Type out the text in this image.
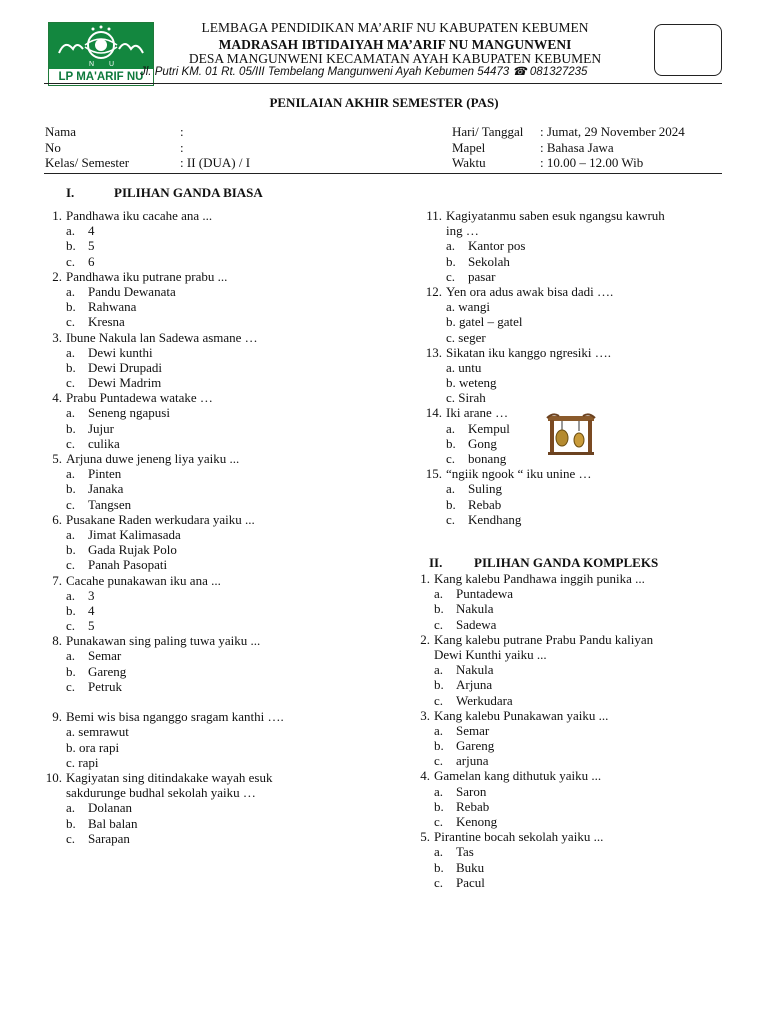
N U
LP MA'ARIF NU
LEMBAGA PENDIDIKAN MA’ARIF NU KABUPATEN KEBUMEN
MADRASAH IBTIDAIYAH MA’ARIF NU MANGUNWENI
DESA MANGUNWENI KECAMATAN AYAH KABUPATEN KEBUMEN
Jl. Putri KM. 01 Rt. 05/III Tembelang Mangunweni Ayah Kebumen 54473 ☎ 081327235
PENILAIAN AKHIR SEMESTER (PAS)
Nama	:
No	:
Kelas/ Semester	: II (DUA) / I
Hari/ Tanggal : Jumat, 29 November 2024
Mapel	: Bahasa Jawa
Waktu	: 10.00 – 12.00 Wib
I.	PILIHAN GANDA BIASA
1. Pandhawa iku cacahe ana ...
a. 4
b. 5
c. 6
2. Pandhawa iku putrane prabu ...
a. Pandu Dewanata
b. Rahwana
c. Kresna
3. Ibune Nakula lan Sadewa asmane …
a. Dewi kunthi
b. Dewi Drupadi
c. Dewi Madrim
4. Prabu Puntadewa watake …
a. Seneng ngapusi
b. Jujur
c. culika
5. Arjuna duwe jeneng liya yaiku ...
a. Pinten
b. Janaka
c. Tangsen
6. Pusakane Raden werkudara yaiku ...
a. Jimat Kalimasada
b. Gada Rujak Polo
c. Panah Pasopati
7. Cacahe punakawan iku ana ...
a. 3
b. 4
c. 5
8. Punakawan sing paling tuwa yaiku ...
a. Semar
b. Gareng
c. Petruk
9. Bemi wis bisa nganggo sragam kanthi ….
a. semrawut
b. ora rapi
c. rapi
10. Kagiyatan sing ditindakake wayah esuk
sakdurunge budhal sekolah yaiku …
a. Dolanan
b. Bal balan
c. Sarapan
11. Kagiyatanmu saben esuk ngangsu kawruh
ing …
a. Kantor pos
b. Sekolah
c. pasar
12. Yen ora adus awak bisa dadi ….
a. wangi
b. gatel – gatel
c. seger
13. Sikatan iku kanggo ngresiki ….
a. untu
b. weteng
c. Sirah
14. Iki arane …
a. Kempul
b. Gong
c. bonang
15. “ngiik ngook “ iku unine …
a. Suling
b. Rebab
c. Kendhang
II. PILIHAN GANDA KOMPLEKS
1. Kang kalebu Pandhawa inggih punika ...
a. Puntadewa
b. Nakula
c. Sadewa
2. Kang kalebu putrane Prabu Pandu kaliyan
Dewi Kunthi yaiku ...
a. Nakula
b. Arjuna
c. Werkudara
3. Kang kalebu Punakawan yaiku ...
a. Semar
b. Gareng
c. arjuna
4. Gamelan kang dithutuk yaiku ...
a. Saron
b. Rebab
c. Kenong
5. Pirantine bocah sekolah yaiku ...
a. Tas
b. Buku
c. Pacul
